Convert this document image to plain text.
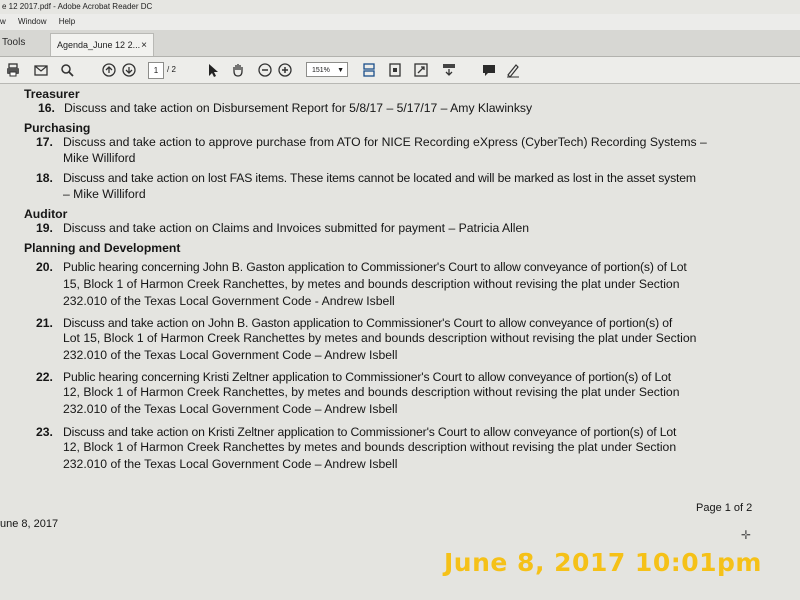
e 12 2017.pdf - Adobe Acrobat Reader DC
w Window Help
Tools	Agenda_June 12 2... ×
1	/ 2	151% ▼
Treasurer
16. Discuss and take action on Disbursement Report for 5/8/17 – 5/17/17 – Amy Klawinksy
Purchasing
17. Discuss and take action to approve purchase from ATO for NICE Recording eXpress (CyberTech) Recording Systems –
Mike Williford
18. Discuss and take action on lost FAS items. These items cannot be located and will be marked as lost in the asset system
– Mike Williford
Auditor
19. Discuss and take action on Claims and Invoices submitted for payment – Patricia Allen
Planning and Development
20. Public hearing concerning John B. Gaston application to Commissioner's Court to allow conveyance of portion(s) of Lot
15, Block 1 of Harmon Creek Ranchettes, by metes and bounds description without revising the plat under Section
232.010 of the Texas Local Government Code - Andrew Isbell
21. Discuss and take action on John B. Gaston application to Commissioner's Court to allow conveyance of portion(s) of
Lot 15, Block 1 of Harmon Creek Ranchettes by metes and bounds description without revising the plat under Section
232.010 of the Texas Local Government Code – Andrew Isbell
22. Public hearing concerning Kristi Zeltner application to Commissioner's Court to allow conveyance of portion(s) of Lot
12, Block 1 of Harmon Creek Ranchettes, by metes and bounds description without revising the plat under Section
232.010 of the Texas Local Government Code – Andrew Isbell
23. Discuss and take action on Kristi Zeltner application to Commissioner's Court to allow conveyance of portion(s) of Lot
12, Block 1 of Harmon Creek Ranchettes by metes and bounds description without revising the plat under Section
232.010 of the Texas Local Government Code – Andrew Isbell
une 8, 2017
Page 1 of 2
✛
June 8, 2017 10:01pm
